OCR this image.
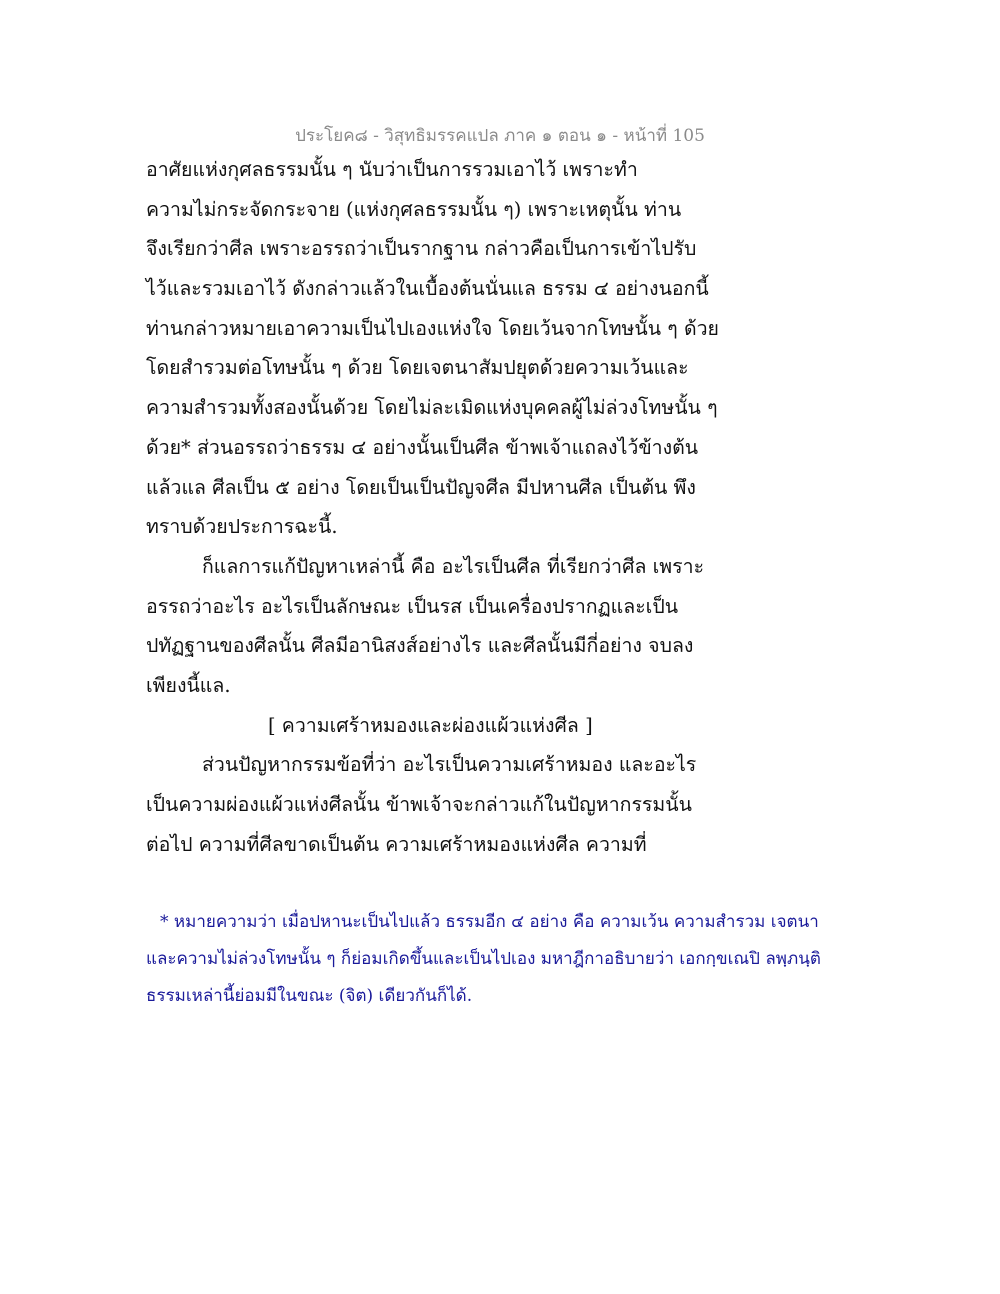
ประโยค๘ - วิสุทธิมรรคแปล ภาค ๑ ตอน ๑ - หน้าที่ 105
อาศัยแห่งกุศลธรรมนั้น ๆ นับว่าเป็นการรวมเอาไว้ เพราะทำ
ความไม่กระจัดกระจาย (แห่งกุศลธรรมนั้น ๆ) เพราะเหตุนั้น ท่าน
จึงเรียกว่าศีล เพราะอรรถว่าเป็นรากฐาน กล่าวคือเป็นการเข้าไปรับ
ไว้และรวมเอาไว้ ดังกล่าวแล้วในเบื้องต้นนั่นแล ธรรม ๔ อย่างนอกนี้
ท่านกล่าวหมายเอาความเป็นไปเองแห่งใจ โดยเว้นจากโทษนั้น ๆ ด้วย
โดยสำรวมต่อโทษนั้น ๆ ด้วย โดยเจตนาสัมปยุตด้วยความเว้นและ
ความสำรวมทั้งสองนั้นด้วย โดยไม่ละเมิดแห่งบุคคลผู้ไม่ล่วงโทษนั้น ๆ
ด้วย* ส่วนอรรถว่าธรรม ๔ อย่างนั้นเป็นศีล ข้าพเจ้าแถลงไว้ข้างต้น
แล้วแล ศีลเป็น ๕ อย่าง โดยเป็นเป็นปัญจศีล มีปหานศีล เป็นต้น พึง
ทราบด้วยประการฉะนี้.
ก็แลการแก้ปัญหาเหล่านี้ คือ อะไรเป็นศีล ที่เรียกว่าศีล เพราะ
อรรถว่าอะไร อะไรเป็นลักษณะ เป็นรส เป็นเครื่องปรากฏและเป็น
ปทัฏฐานของศีลนั้น ศีลมีอานิสงส์อย่างไร และศีลนั้นมีกี่อย่าง จบลง
เพียงนี้แล.
[ ความเศร้าหมองและผ่องแผ้วแห่งศีล ]
ส่วนปัญหากรรมข้อที่ว่า อะไรเป็นความเศร้าหมอง และอะไร
เป็นความผ่องแผ้วแห่งศีลนั้น ข้าพเจ้าจะกล่าวแก้ในปัญหากรรมนั้น
ต่อไป ความที่ศีลขาดเป็นต้น ความเศร้าหมองแห่งศีล ความที่
* หมายความว่า เมื่อปหานะเป็นไปแล้ว ธรรมอีก ๔ อย่าง คือ ความเว้น ความสำรวม เจตนา
และความไม่ล่วงโทษนั้น ๆ ก็ย่อมเกิดขึ้นและเป็นไปเอง มหาฎีกาอธิบายว่า เอกกฺขเณปิ ลพฺภนฺติ
ธรรมเหล่านี้ย่อมมีในขณะ (จิต) เดียวกันก็ได้.
